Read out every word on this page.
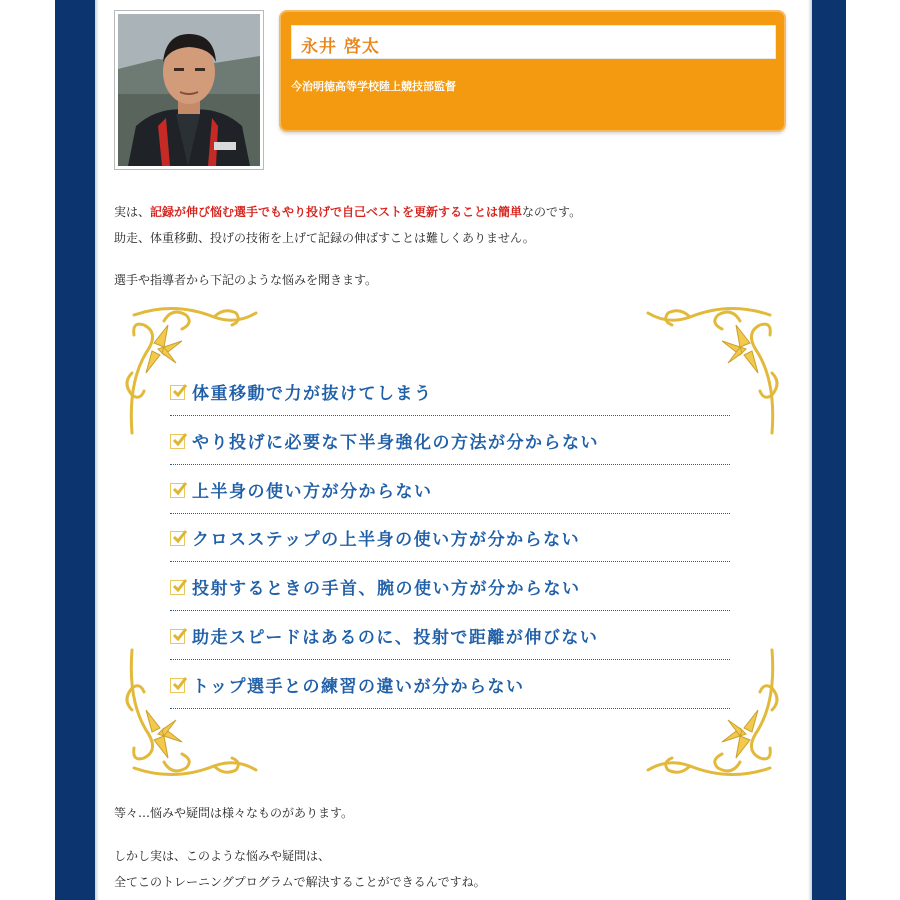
永井 啓太
今治明徳高等学校陸上競技部監督
実は、記録が伸び悩む選手でもやり投げで自己ベストを更新することは簡単なのです。
助走、体重移動、投げの技術を上げて記録の伸ばすことは難しくありません。
選手や指導者から下記のような悩みを聞きます。
体重移動で力が抜けてしまう
やり投げに必要な下半身強化の方法が分からない
上半身の使い方が分からない
クロスステップの上半身の使い方が分からない
投射するときの手首、腕の使い方が分からない
助走スピードはあるのに、投射で距離が伸びない
トップ選手との練習の違いが分からない
等々…悩みや疑問は様々なものがあります。
しかし実は、このような悩みや疑問は、
全てこのトレーニングプログラムで解決することができるんですね。
